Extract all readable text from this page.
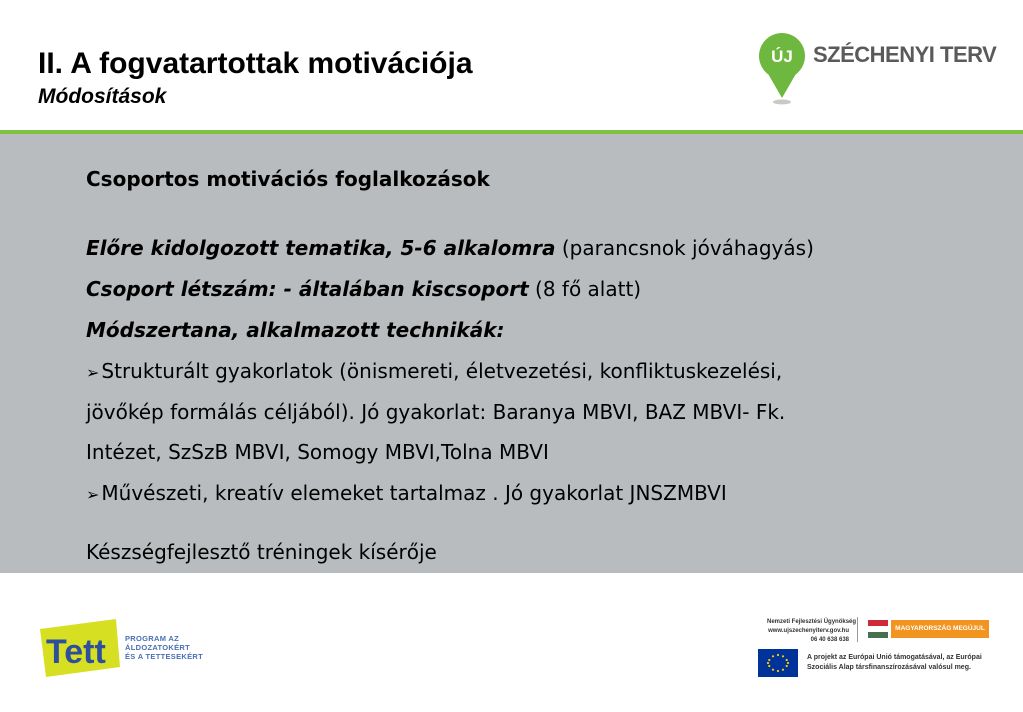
II. A fogvatartottak motivációja
Módosítások
ÚJ SZÉCHENYI TERV
Csoportos motivációs foglalkozások
Előre kidolgozott tematika, 5-6 alkalomra (parancsnok jóváhagyás)
Csoport létszám: - általában kiscsoport (8 fő alatt)
Módszertana, alkalmazott technikák:
➢ Strukturált gyakorlatok (önismereti, életvezetési, konfliktuskezelési,
jövőkép formálás céljából). Jó gyakorlat: Baranya MBVI, BAZ MBVI- Fk.
Intézet, SzSzB MBVI, Somogy MBVI,Tolna MBVI
➢ Művészeti, kreatív elemeket tartalmaz . Jó gyakorlat JNSZMBVI
Készségfejlesztő tréningek kísérője
Tett	PROGRAM AZ
ÁLDOZATOKÉRT
ÉS A TETTESEKÉRT
Nemzeti Fejlesztési Ügynökség
www.ujszechenyiterv.gov.hu
06 40 638 638
MAGYARORSZÁG MEGÚJUL
A projekt az Európai Unió támogatásával, az Európai
Szociális Alap társfinanszírozásával valósul meg.
